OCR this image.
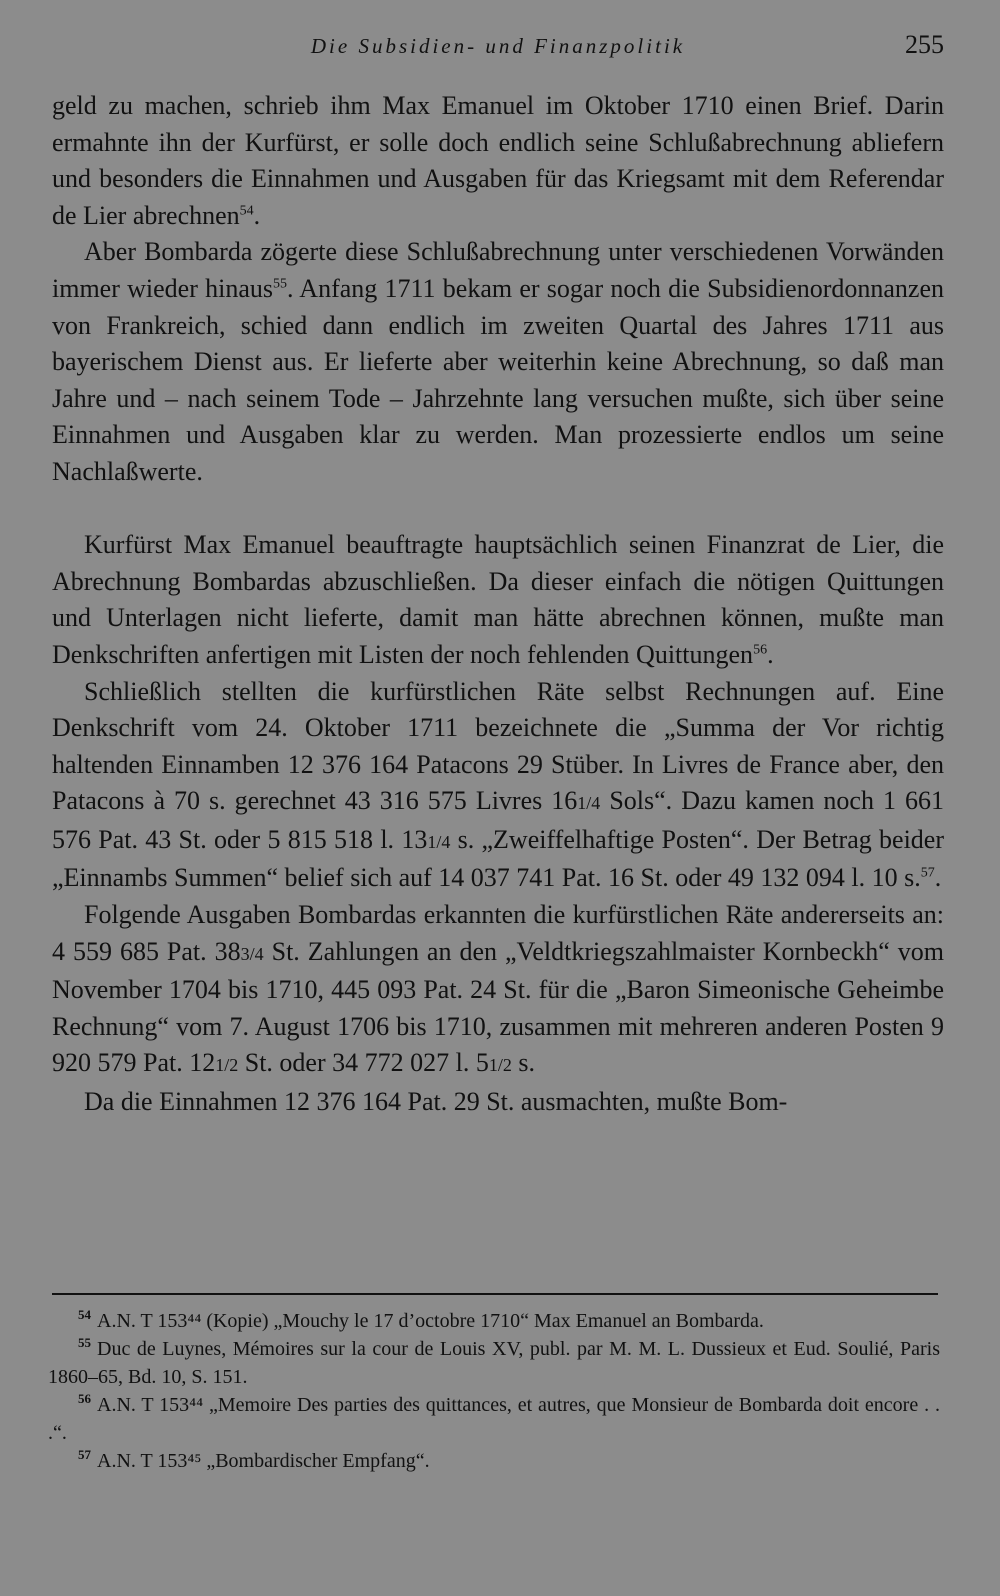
Die Subsidien- und Finanzpolitik	255

geld zu machen, schrieb ihm Max Emanuel im Oktober 1710 einen Brief. Darin ermahnte ihn der Kurfürst, er solle doch endlich seine Schlußabrechnung abliefern und besonders die Einnahmen und Ausgaben für das Kriegsamt mit dem Referendar de Lier abrechnen$^{54}$.

Aber Bombarda zögerte diese Schlußabrechnung unter verschiedenen Vorwänden immer wieder hinaus$^{55}$. Anfang 1711 bekam er sogar noch die Subsidienordonnanzen von Frankreich, schied dann endlich im zweiten Quartal des Jahres 1711 aus bayerischem Dienst aus. Er lieferte aber weiterhin keine Abrechnung, so daß man Jahre und – nach seinem Tode – Jahrzehnte lang versuchen mußte, sich über seine Einnahmen und Ausgaben klar zu werden. Man prozessierte endlos um seine Nachlaßwerte.

Kurfürst Max Emanuel beauftragte hauptsächlich seinen Finanzrat de Lier, die Abrechnung Bombardas abzuschließen. Da dieser einfach die nötigen Quittungen und Unterlagen nicht lieferte, damit man hätte abrechnen können, mußte man Denkschriften anfertigen mit Listen der noch fehlenden Quittungen$^{56}$.

Schließlich stellten die kurfürstlichen Räte selbst Rechnungen auf. Eine Denkschrift vom 24. Oktober 1711 bezeichnete die „Summa der Vor richtig haltenden Einnamben 12 376 164 Patacons 29 Stüber. In Livres de France aber, den Patacons à 70 s. gerechnet 43 316 575 Livres 161/4 Sols“. Dazu kamen noch 1 661 576 Pat. 43 St. oder 5 815 518 l. 131/4 s. „Zweiffelhaftige Posten“. Der Betrag beider „Einnambs Summen“ belief sich auf 14 037 741 Pat. 16 St. oder 49 132 094 l. 10 s.$^{57}$.

Folgende Ausgaben Bombardas erkannten die kurfürstlichen Räte andererseits an: 4 559 685 Pat. 383/4 St. Zahlungen an den „Veldtkriegszahlmaister Kornbeckh“ vom November 1704 bis 1710, 445 093 Pat. 24 St. für die „Baron Simeonische Geheimbe Rechnung“ vom 7. August 1706 bis 1710, zusammen mit mehreren anderen Posten 9 920 579 Pat. 121/2 St. oder 34 772 027 l. 51/2 s.

Da die Einnahmen 12 376 164 Pat. 29 St. ausmachten, mußte Bom-

$^{54}$ A.N. T 153⁴⁴ (Kopie) „Mouchy le 17 d’octobre 1710“ Max Emanuel an Bombarda.

$^{55}$ Duc de Luynes, Mémoires sur la cour de Louis XV, publ. par M. M. L. Dussieux et Eud. Soulié, Paris 1860–65, Bd. 10, S. 151.

$^{56}$ A.N. T 153⁴⁴ „Memoire Des parties des quittances, et autres, que Monsieur de Bombarda doit encore . . .“.

$^{57}$ A.N. T 153⁴⁵ „Bombardischer Empfang“.
